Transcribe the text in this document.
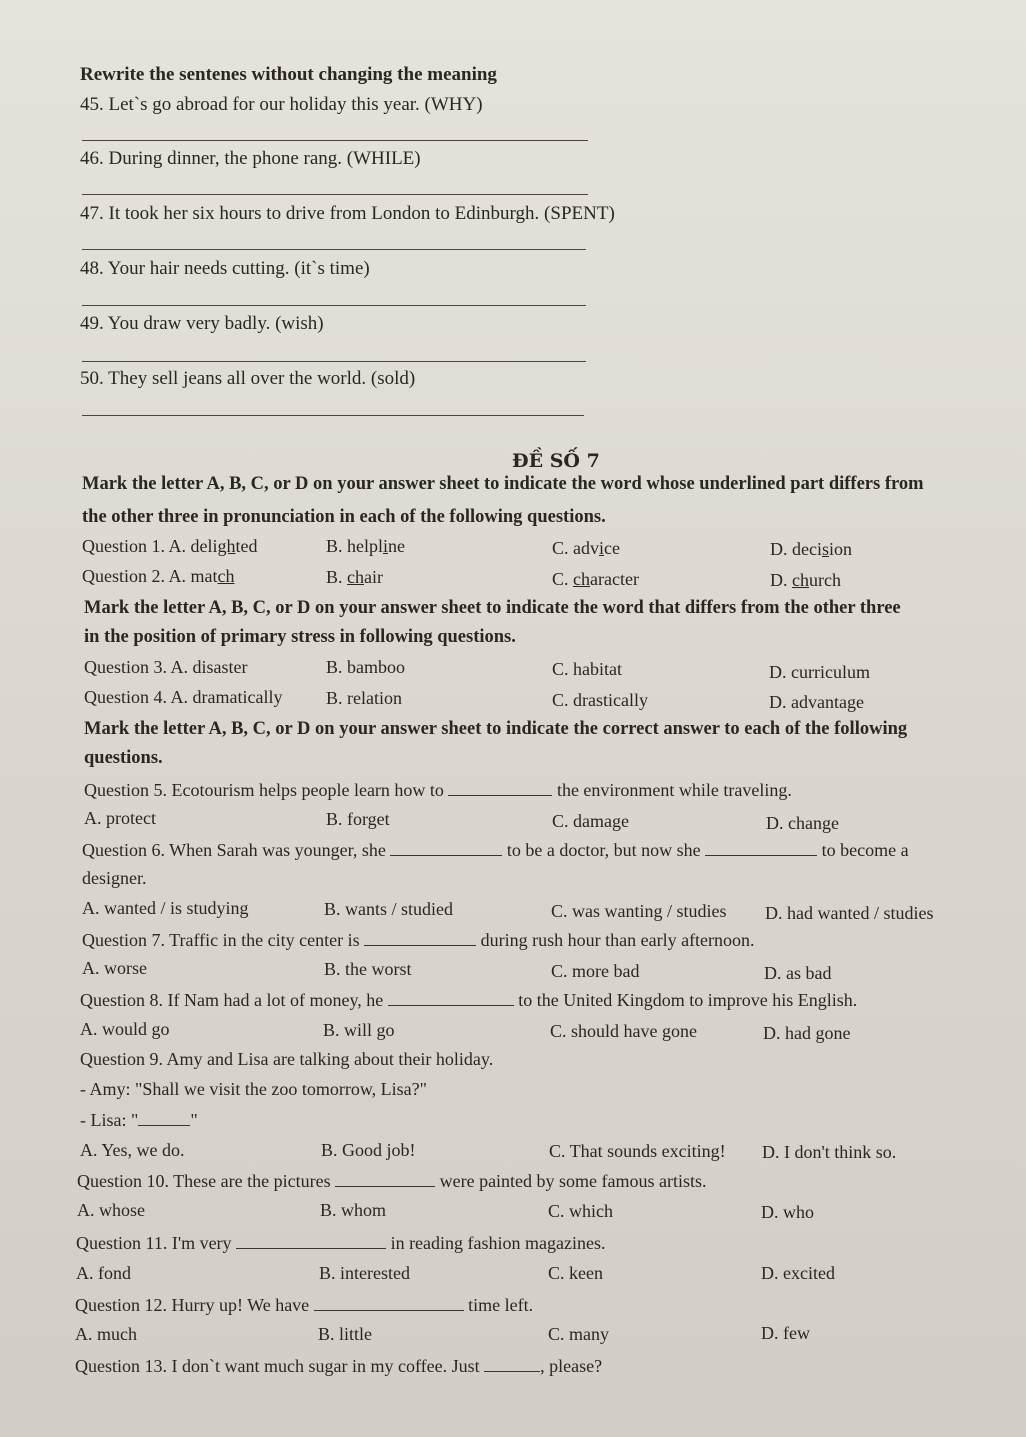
Rewrite the sentenes without changing the meaning
45. Let`s go abroad for our holiday this year. (WHY)
46. During dinner, the phone rang. (WHILE)
47. It took her six hours to drive from London to Edinburgh. (SPENT)
48. Your hair needs cutting. (it`s time)
49. You draw very badly. (wish)
50. They sell jeans all over the world. (sold)
ĐỀ SỐ 7
Mark the letter A, B, C, or D on your answer sheet to indicate the word whose underlined part differs from
the other three in pronunciation in each of the following questions.
Question 1. A. delighted	B. helpline	C. advice	D. decision
Question 2. A. match	B. chair	C. character	D. church
Mark the letter A, B, C, or D on your answer sheet to indicate the word that differs from the other three
in the position of primary stress in following questions.
Question 3. A. disaster	B. bamboo	C. habitat	D. curriculum
Question 4. A. dramatically B. relation	C. drastically	D. advantage
Mark the letter A, B, C, or D on your answer sheet to indicate the correct answer to each of the following
questions.
Question 5. Ecotourism helps people learn how to	the environment while traveling.
A. protect	B. forget	C. damage	D. change
Question 6. When Sarah was younger, she	to be a doctor, but now she	to become a
designer.
A. wanted / is studying	B. wants / studied	C. was wanting / studies D. had wanted / studies
Question 7. Traffic in the city center is	during rush hour than early afternoon.
A. worse	B. the worst	C. more bad	D. as bad
Question 8. If Nam had a lot of money, he	to the United Kingdom to improve his English.
A. would go	B. will go	C. should have gone	D. had gone
Question 9. Amy and Lisa are talking about their holiday.
- Amy: "Shall we visit the zoo tomorrow, Lisa?"
- Lisa: "	"
A. Yes, we do.	B. Good job!	C. That sounds exciting! D. I don't think so.
Question 10. These are the pictures	were painted by some famous artists.
A. whose	B. whom	C. which	D. who
Question 11. I'm very	in reading fashion magazines.
A. fond	B. interested	C. keen	D. excited
Question 12. Hurry up! We have	time left.
A. much	B. little	C. many	D. few
Question 13. I don`t want much sugar in my coffee. Just	, please?
